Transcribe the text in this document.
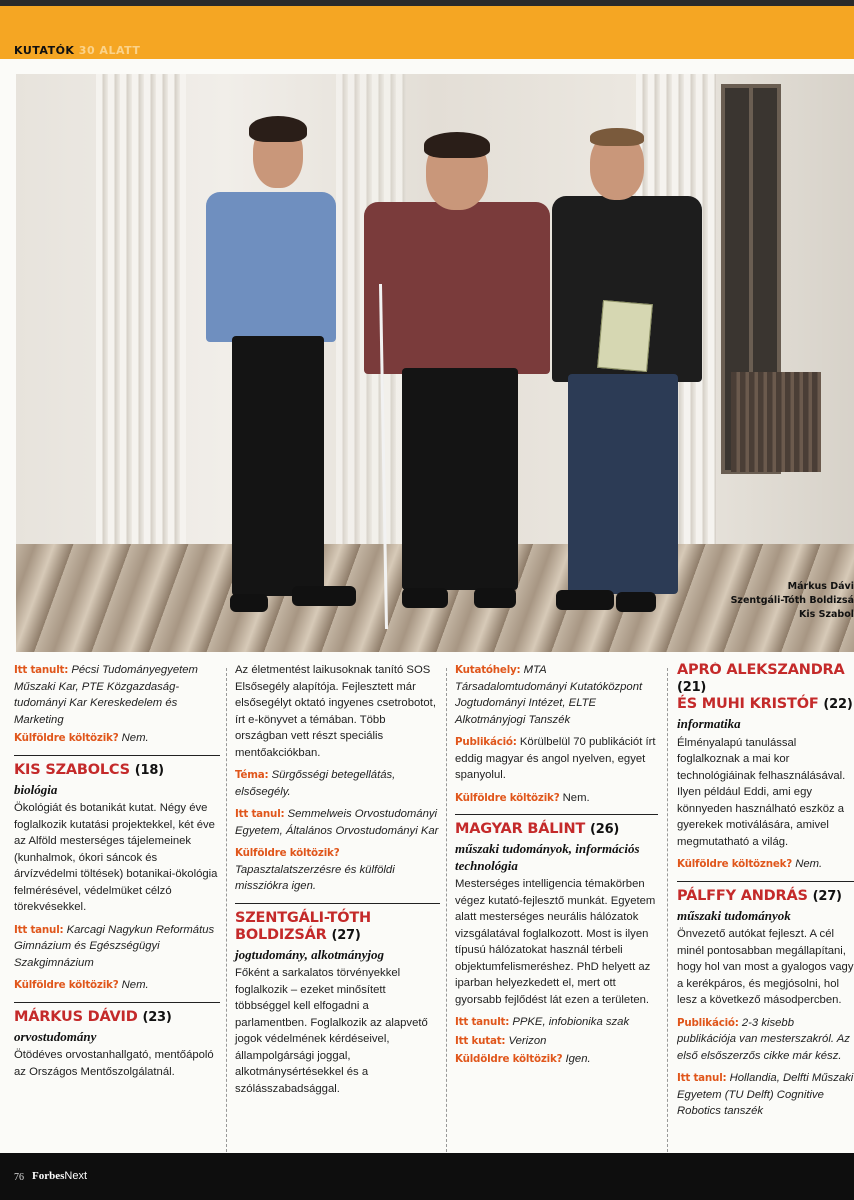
KUTATÓK 30 ALATT
Márkus Dávi
Szentgáli-Tóth Boldizsá
Kis Szabol
Itt tanult: Pécsi Tudományegyetem Műszaki Kar, PTE Közgazdaságtudományi Kar Kereskedelem és Marketing
Külföldre költözik? Nem.
KIS SZABOLCS (18)
biológia
Ökológiát és botanikát kutat. Négy éve foglalkozik kutatási projektekkel, két éve az Alföld mesterséges tájelemeinek (kunhalmok, ókori sáncok és árvízvédelmi töltések) botanikai-ökológia felmérésével, védelmüket célzó törekvésekkel.
Itt tanul: Karcagi Nagykun Református Gimnázium és Egészségügyi Szakgimnázium
Külföldre költözik? Nem.
MÁRKUS DÁVID (23)
orvostudomány
Ötödéves orvostanhallgató, mentőápoló az Országos Mentőszolgálatnál.
Az életmentést laikusoknak tanító SOS Elsősegély alapítója. Fejlesztett már elsősegélyt oktató ingyenes csetrobotot, írt e-könyvet a témában. Több országban vett részt speciális mentőakciókban.
Téma: Sürgősségi betegellátás, elsősegély.
Itt tanul: Semmelweis Orvostudományi Egyetem, Általános Orvostudományi Kar
Külföldre költözik? Tapasztalatszerzésre és külföldi missziókra igen.
SZENTGÁLI-TÓTH BOLDIZSÁR (27)
jogtudomány, alkotmányjog
Főként a sarkalatos törvényekkel foglalkozik – ezeket minősített többséggel kell elfogadni a parlamentben. Foglalkozik az alapvető jogok védelmének kérdéseivel, állampolgársági joggal, alkotmánysértésekkel és a szólásszabadsággal.
Kutatóhely: MTA Társadalomtudományi Kutatóközpont Jogtudományi Intézet, ELTE Alkotmányjogi Tanszék
Publikáció: Körülbelül 70 publikációt írt eddig magyar és angol nyelven, egyet spanyolul.
Külföldre költözik? Nem.
MAGYAR BÁLINT (26)
műszaki tudományok, információs technológia
Mesterséges intelligencia témakörben végez kutató-fejlesztő munkát. Egyetem alatt mesterséges neurális hálózatok vizsgálatával foglalkozott. Most is ilyen típusú hálózatokat használ térbeli objektumfelismeréshez. PhD helyett az iparban helyezkedett el, mert ott gyorsabb fejlődést lát ezen a területen.
Itt tanult: PPKE, infobionika szak
Itt kutat: Verizon
Küldöldre költözik? Igen.
APRÓ ALEKSZANDRA (21)
ÉS MUHI KRISTÓF (22)
informatika
Élményalapú tanulással foglalkoznak a mai kor technológiáinak felhasználásával. Ilyen például Eddi, ami egy könnyeden használható eszköz a gyerekek motiválására, amivel megmutatható a világ.
Külföldre költöznek? Nem.
PÁLFFY ANDRÁS (27)
műszaki tudományok
Önvezető autókat fejleszt. A cél minél pontosabban megállapítani, hogy hol van most a gyalogos vagy a kerékpáros, és megjósolni, hol lesz a következő másodpercben.
Publikáció: 2-3 kisebb publikációja van mesterszakról. Az első elsőszerzős cikke már kész.
Itt tanul: Hollandia, Delfti Műszaki Egyetem (TU Delft) Cognitive Robotics tanszék
76 ForbesNext
